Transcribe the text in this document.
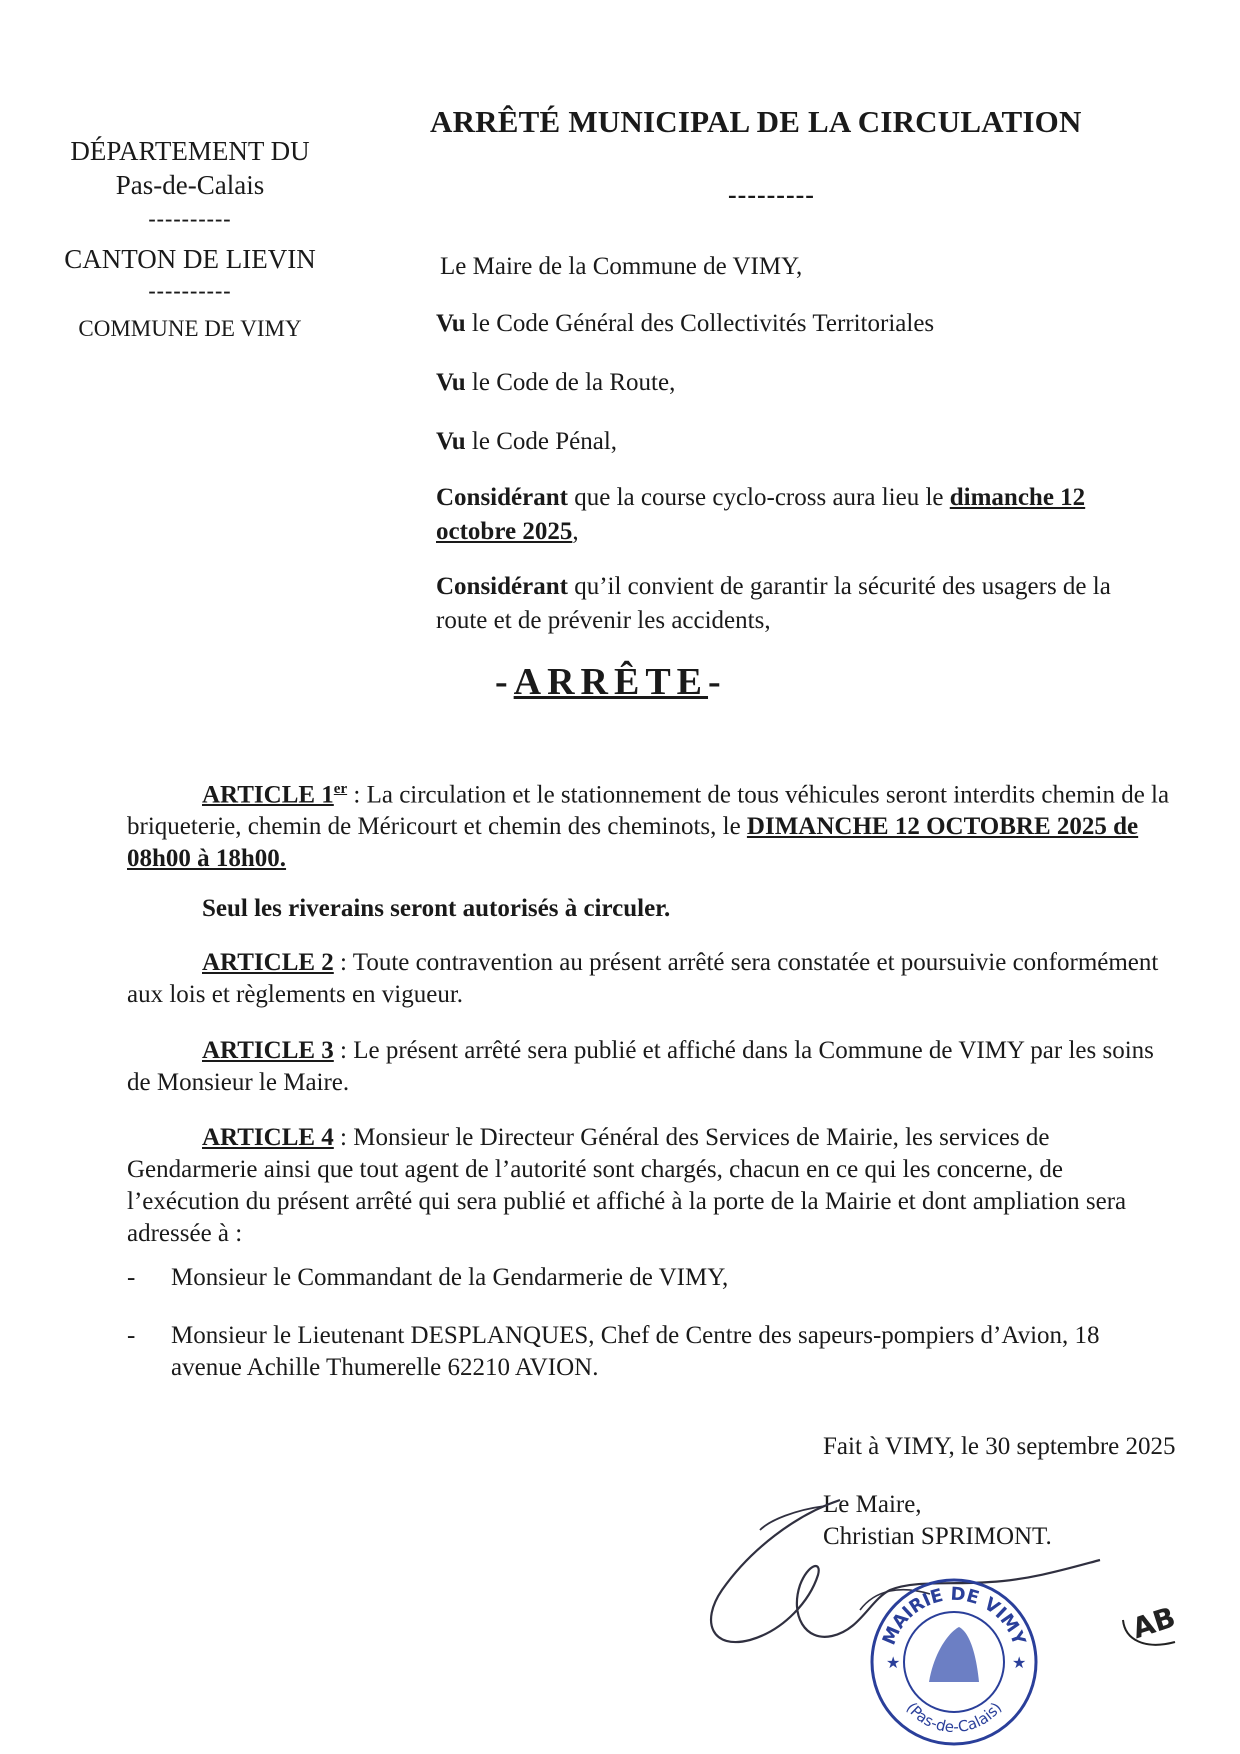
DÉPARTEMENT DU
Pas-de-Calais
----------
CANTON DE LIEVIN
----------
COMMUNE DE VIMY
ARRÊTÉ MUNICIPAL DE LA CIRCULATION
---------
Le Maire de la Commune de VIMY,
Vu le Code Général des Collectivités Territoriales
Vu le Code de la Route,
Vu le Code Pénal,
Considérant que la course cyclo-cross aura lieu le dimanche 12
octobre 2025,
Considérant qu’il convient de garantir la sécurité des usagers de la
route et de prévenir les accidents,
-ARRÊTE-
ARTICLE 1er : La circulation et le stationnement de tous véhicules seront interdits chemin de la briqueterie, chemin de Méricourt et chemin des cheminots, le DIMANCHE 12 OCTOBRE 2025 de 08h00 à 18h00.
Seul les riverains seront autorisés à circuler.
ARTICLE 2 : Toute contravention au présent arrêté sera constatée et poursuivie conformément aux lois et règlements en vigueur.
ARTICLE 3 : Le présent arrêté sera publié et affiché dans la Commune de VIMY par les soins de Monsieur le Maire.
ARTICLE 4 : Monsieur le Directeur Général des Services de Mairie, les services de Gendarmerie ainsi que tout agent de l’autorité sont chargés, chacun en ce qui les concerne, de l’exécution du présent arrêté qui sera publié et affiché à la porte de la Mairie et dont ampliation sera adressée à :
- Monsieur le Commandant de la Gendarmerie de VIMY,
- Monsieur le Lieutenant DESPLANQUES, Chef de Centre des sapeurs-pompiers d’Avion, 18 avenue Achille Thumerelle 62210 AVION.
Fait à VIMY, le 30 septembre 2025
Le Maire,
Christian SPRIMONT.
MAIRIE DE VIMY
(Pas-de-Calais)
★	★
AB
